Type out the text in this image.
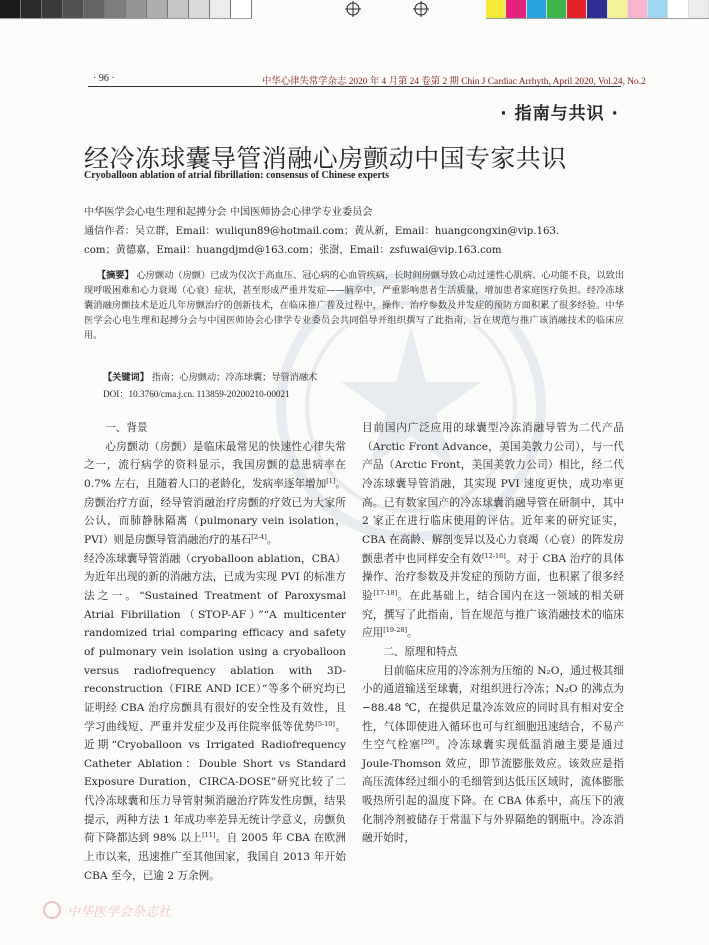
· 96 ·	中华心律失常学杂志 2020 年 4 月第 24 卷第 2 期 Chin J Cardiac Arrhyth, April 2020, Vol.24, No.2
· 指南与共识 ·
经冷冻球囊导管消融心房颤动中国专家共识
Cryoballoon ablation of atrial fibrillation: consensus of Chinese experts
中华医学会心电生理和起搏分会 中国医师协会心律学专业委员会
通信作者：吴立群，Email：wuliqun89@hotmail.com；黄从新，Email：huangcongxin@vip.163.
com；黄德嘉，Email：huangdjmd@163.com；张澍，Email：zsfuwai@vip.163.com

【摘要】 心房颤动（房颤）已成为仅次于高血压、冠心病的心血管疾病，长时间房颤导致心动过速性心肌病、心功能不良，以致出现呼吸困难和心力衰竭（心衰）症状，甚至形成严重并发症——脑卒中，严重影响患者生活质量，增加患者家庭医疗负担。经冷冻球囊消融房颤技术是近几年房颤治疗的创新技术，在临床推广普及过程中，操作、治疗参数及并发症的预防方面积累了很多经验。中华医学会心电生理和起搏分会与中国医师协会心律学专业委员会共同倡导并组织撰写了此指南，旨在规范与推广该消融技术的临床应用。

【关键词】 指南；心房颤动；冷冻球囊；导管消融术
DOI：10.3760/cma.j.cn. 113859-20200210-00021
一、背景

心房颤动（房颤）是临床最常见的快速性心律失常之一，流行病学的资料显示，我国房颤的总患病率在 0.7% 左右，且随着人口的老龄化，发病率逐年增加[1]。房颤治疗方面，经导管消融治疗房颤的疗效已为大家所公认，而肺静脉隔离（pulmonary vein isolation，PVI）则是房颤导管消融治疗的基石[2-4]。

经冷冻球囊导管消融（cryoballoon ablation，CBA）为近年出现的新的消融方法，已成为实现 PVI 的标准方法之一。“Sustained Treatment of Paroxysmal Atrial Fibrillation（STOP-AF）”“A multicenter randomized trial comparing efficacy and safety of pulmonary vein isolation using a cryoballoon versus radiofrequency ablation with 3D-reconstruction（FIRE AND ICE）”等多个研究均已证明经 CBA 治疗房颤具有很好的安全性及有效性，且学习曲线短、严重并发症少及再住院率低等优势[5-10]。近期“Cryoballoon vs Irrigated Radiofrequency Catheter Ablation：Double Short vs Standard Exposure Duration，CIRCA-DOSE”研究比较了二代冷冻球囊和压力导管射频消融治疗阵发性房颤，结果提示，两种方法 1 年成功率差异无统计学意义，房颤负荷下降都达到 98% 以上[11]。自 2005 年 CBA 在欧洲上市以来，迅速推广至其他国家，我国自 2013 年开始 CBA 至今，已逾 2 万余例。

目前国内广泛应用的球囊型冷冻消融导管为二代产品（Arctic Front Advance，美国美敦力公司），与一代产品（Arctic Front，美国美敦力公司）相比，经二代冷冻球囊导管消融，其实现 PVI 速度更快，成功率更高。已有数家国产的冷冻球囊消融导管在研制中，其中 2 家正在进行临床使用的评估。近年来的研究证实，CBA 在高龄、解剖变异以及心力衰竭（心衰）的阵发房颤患者中也同样安全有效[12-16]。对于 CBA 治疗的具体操作、治疗参数及并发症的预防方面，也积累了很多经验[17-18]。在此基础上，结合国内在这一领域的相关研究，撰写了此指南，旨在规范与推广该消融技术的临床应用[19-28]。

二、原理和特点

目前临床应用的冷冻剂为压缩的 N₂O，通过极其细小的通道输送至球囊，对组织进行冷冻；N₂O 的沸点为 −88.48 ℃，在提供足量冷冻效应的同时具有相对安全性，气体即使进入循环也可与红细胞迅速结合，不易产生空气栓塞[29]。冷冻球囊实现低温消融主要是通过 Joule-Thomson 效应，即节流膨胀效应。该效应是指高压流体经过细小的毛细管到达低压区域时，流体膨胀吸热所引起的温度下降。在 CBA 体系中，高压下的液化制冷剂被储存于常温下与外界隔绝的钢瓶中。冷冻消融开始时，

中华医学会杂志社
